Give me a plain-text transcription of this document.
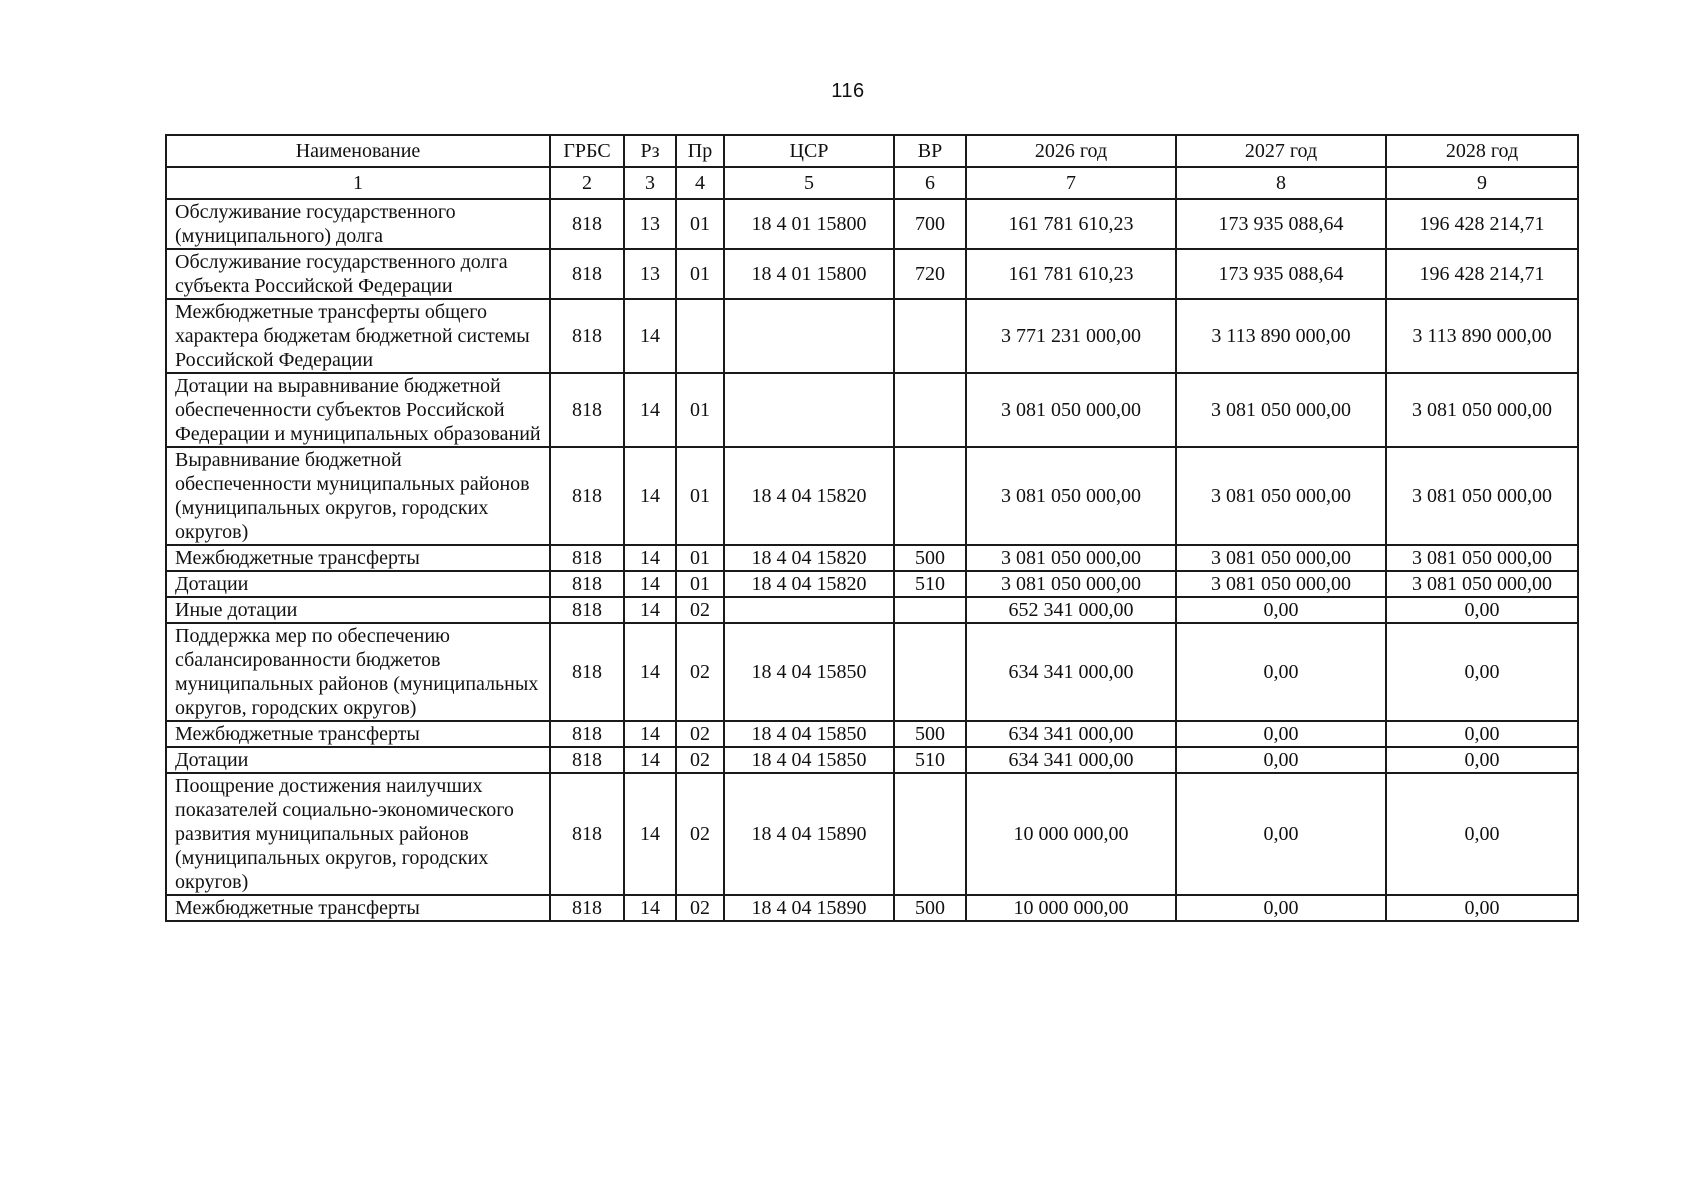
116
Наименование	ГРБС	Рз	Пр	ЦСР	ВР	2026 год	2027 год	2028 год
1	2	3	4	5	6	7	8	9
Обслуживание государственного (муниципального) долга	818	13	01	18 4 01 15800	700	161 781 610,23	173 935 088,64	196 428 214,71
Обслуживание государственного долга субъекта Российской Федерации	818	13	01	18 4 01 15800	720	161 781 610,23	173 935 088,64	196 428 214,71
Межбюджетные трансферты общего характера бюджетам бюджетной системы Российской Федерации	818	14				3 771 231 000,00	3 113 890 000,00	3 113 890 000,00
Дотации на выравнивание бюджетной обеспеченности субъектов Российской Федерации и муниципальных образований	818	14	01			3 081 050 000,00	3 081 050 000,00	3 081 050 000,00
Выравнивание бюджетной обеспеченности муниципальных районов (муниципальных округов, городских округов)	818	14	01	18 4 04 15820		3 081 050 000,00	3 081 050 000,00	3 081 050 000,00
Межбюджетные трансферты	818	14	01	18 4 04 15820	500	3 081 050 000,00	3 081 050 000,00	3 081 050 000,00
Дотации	818	14	01	18 4 04 15820	510	3 081 050 000,00	3 081 050 000,00	3 081 050 000,00
Иные дотации	818	14	02			652 341 000,00	0,00	0,00
Поддержка мер по обеспечению сбалансированности бюджетов муниципальных районов (муниципальных округов, городских округов)	818	14	02	18 4 04 15850		634 341 000,00	0,00	0,00
Межбюджетные трансферты	818	14	02	18 4 04 15850	500	634 341 000,00	0,00	0,00
Дотации	818	14	02	18 4 04 15850	510	634 341 000,00	0,00	0,00
Поощрение достижения наилучших показателей социально-экономического развития муниципальных районов (муниципальных округов, городских округов)	818	14	02	18 4 04 15890		10 000 000,00	0,00	0,00
Межбюджетные трансферты	818	14	02	18 4 04 15890	500	10 000 000,00	0,00	0,00
